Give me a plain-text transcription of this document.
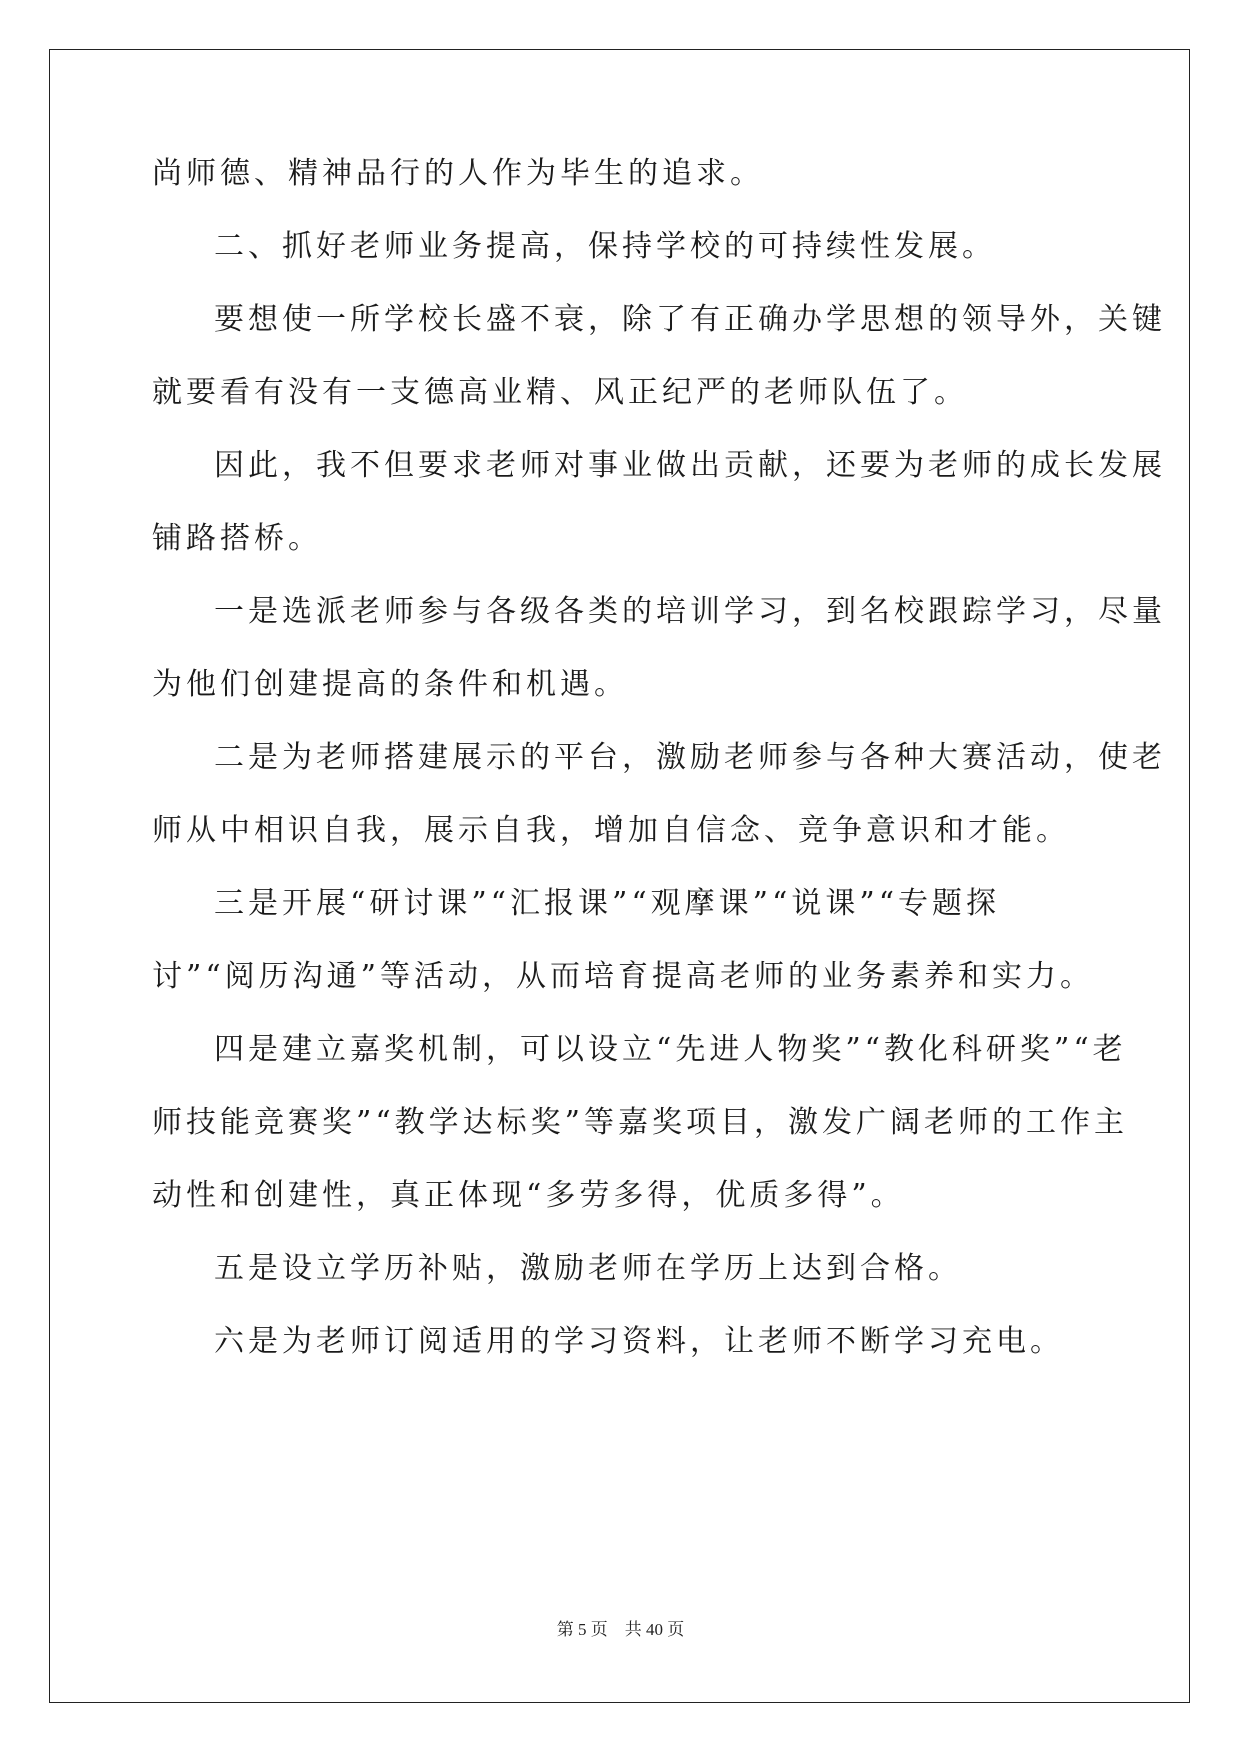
尚师德、精神品行的人作为毕生的追求。
二、抓好老师业务提高，保持学校的可持续性发展。
要想使一所学校长盛不衰，除了有正确办学思想的领导外，关键
就要看有没有一支德高业精、风正纪严的老师队伍了。
因此，我不但要求老师对事业做出贡献，还要为老师的成长发展
铺路搭桥。
一是选派老师参与各级各类的培训学习，到名校跟踪学习，尽量
为他们创建提高的条件和机遇。
二是为老师搭建展示的平台，激励老师参与各种大赛活动，使老
师从中相识自我，展示自我，增加自信念、竞争意识和才能。
三是开展“研讨课”“汇报课”“观摩课”“说课”“专题探
讨”“阅历沟通”等活动，从而培育提高老师的业务素养和实力。
四是建立嘉奖机制，可以设立“先进人物奖”“教化科研奖”“老
师技能竞赛奖”“教学达标奖”等嘉奖项目，激发广阔老师的工作主
动性和创建性，真正体现“多劳多得，优质多得”。
五是设立学历补贴，激励老师在学历上达到合格。
六是为老师订阅适用的学习资料，让老师不断学习充电。
第 5 页    共 40 页
